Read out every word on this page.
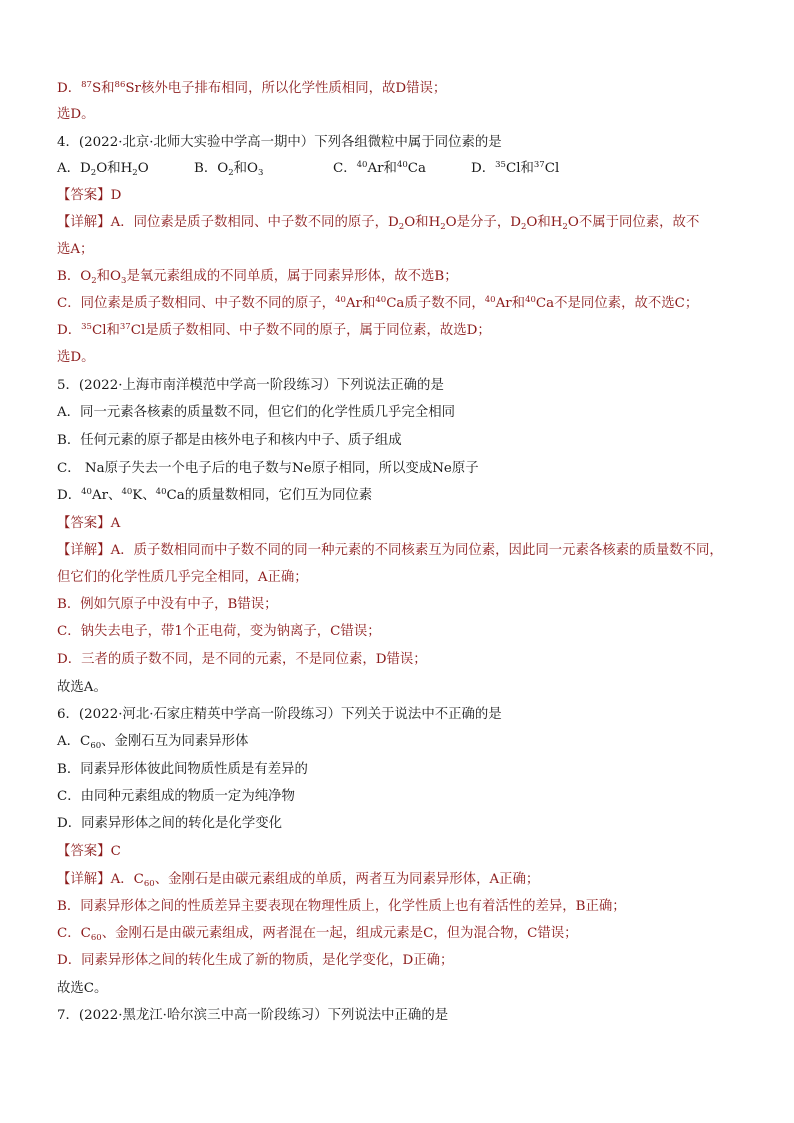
D．$^{87}$S和$^{86}$Sr核外电子排布相同，所以化学性质相同，故D错误；
选D。
4．(2022·北京·北师大实验中学高一期中）下列各组微粒中属于同位素的是
A．$D_2O$和$H_2O$	B．$O_2$和$O_3$	C．$^{40}$Ar和$^{40}$Ca	D．$^{35}$Cl和$^{37}$Cl
【答案】D
【详解】A．同位素是质子数相同、中子数不同的原子，$D_2O$和$H_2O$是分子，$D_2O$和$H_2O$不属于同位素，故不
选A；
B．$O_2$和$O_3$是氧元素组成的不同单质，属于同素异形体，故不选B；
C．同位素是质子数相同、中子数不同的原子，$^{40}$Ar和$^{40}$Ca质子数不同，$^{40}$Ar和$^{40}$Ca不是同位素，故不选C；
D．$^{35}$Cl和$^{37}$Cl是质子数相同、中子数不同的原子，属于同位素，故选D；
选D。
5．(2022·上海市南洋模范中学高一阶段练习）下列说法正确的是
A．同一元素各核素的质量数不同，但它们的化学性质几乎完全相同
B．任何元素的原子都是由核外电子和核内中子、质子组成
C． Na原子失去一个电子后的电子数与Ne原子相同，所以变成Ne原子
D．$^{40}$Ar、$^{40}$K、$^{40}$Ca的质量数相同，它们互为同位素
【答案】A
【详解】A．质子数相同而中子数不同的同一种元素的不同核素互为同位素，因此同一元素各核素的质量数不同，
但它们的化学性质几乎完全相同，A正确；
B．例如氕原子中没有中子，B错误；
C．钠失去电子，带1个正电荷，变为钠离子，C错误；
D．三者的质子数不同，是不同的元素，不是同位素，D错误；
故选A。
6．(2022·河北·石家庄精英中学高一阶段练习）下列关于说法中不正确的是
A．$C_{60}$、金刚石互为同素异形体
B．同素异形体彼此间物质性质是有差异的
C．由同种元素组成的物质一定为纯净物
D．同素异形体之间的转化是化学变化
【答案】C
【详解】A．$C_{60}$、金刚石是由碳元素组成的单质，两者互为同素异形体，A正确；
B．同素异形体之间的性质差异主要表现在物理性质上，化学性质上也有着活性的差异，B正确；
C．$C_{60}$、金刚石是由碳元素组成，两者混在一起，组成元素是C，但为混合物，C错误；
D．同素异形体之间的转化生成了新的物质，是化学变化，D正确；
故选C。
7．(2022·黑龙江·哈尔滨三中高一阶段练习）下列说法中正确的是
